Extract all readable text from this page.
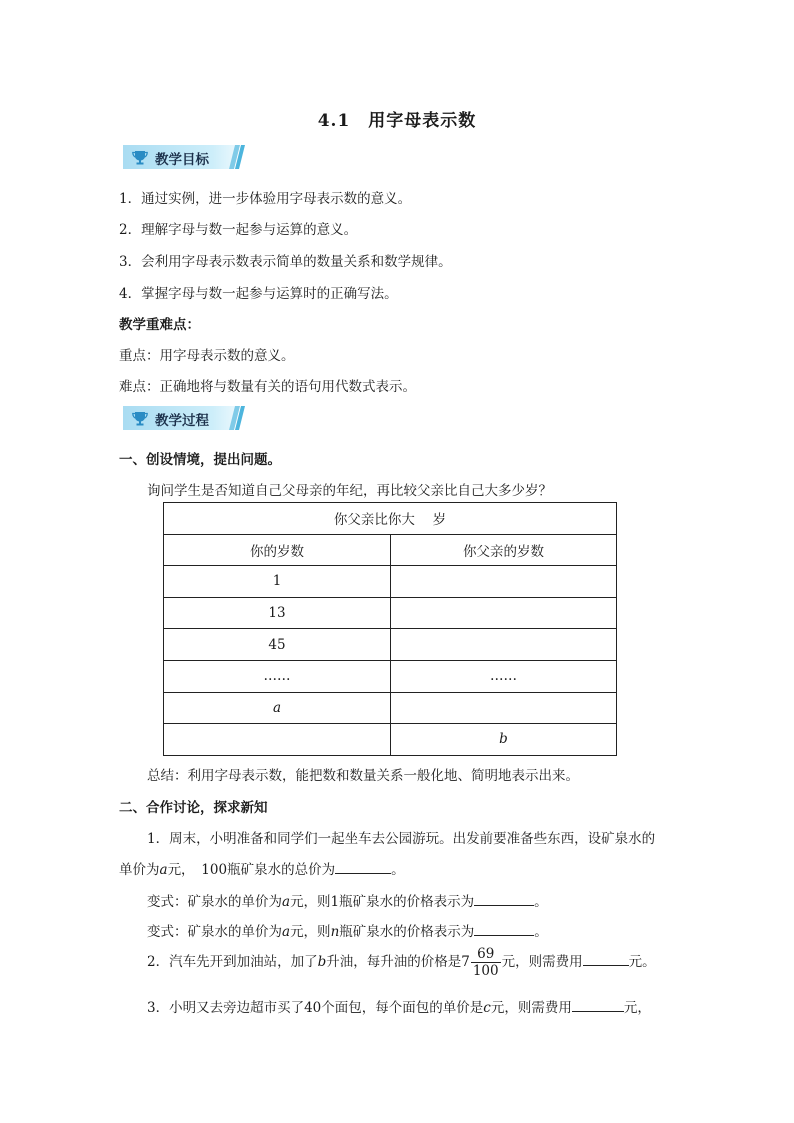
4.1　用字母表示数
教学目标
1．通过实例，进一步体验用字母表示数的意义。
2．理解字母与数一起参与运算的意义。
3．会利用字母表示数表示简单的数量关系和数学规律。
4．掌握字母与数一起参与运算时的正确写法。
教学重难点：
重点：用字母表示数的意义。
难点：正确地将与数量有关的语句用代数式表示。
教学过程
一、创设情境，提出问题。
询问学生是否知道自己父母亲的年纪，再比较父亲比自己大多少岁？
你父亲比你大　 岁	
你的岁数	你父亲的岁数
1	
13	
45	
……	……
a	
	b
总结：利用字母表示数，能把数和数量关系一般化地、简明地表示出来。
二、合作讨论，探求新知
1．周末，小明准备和同学们一起坐车去公园游玩。出发前要准备些东西，设矿泉水的
单价为a元，　100瓶矿泉水的总价为	。
变式：矿泉水的单价为a元，则1瓶矿泉水的价格表示为	。
变式：矿泉水的单价为a元，则n瓶矿泉水的价格表示为	。
2．汽车先开到加油站，加了b升油，每升油的价格是$7 \frac{69}{100}$ 元，则需费用	元。
3．小明又去旁边超市买了40个面包，每个面包的单价是c元，则需费用	元，
